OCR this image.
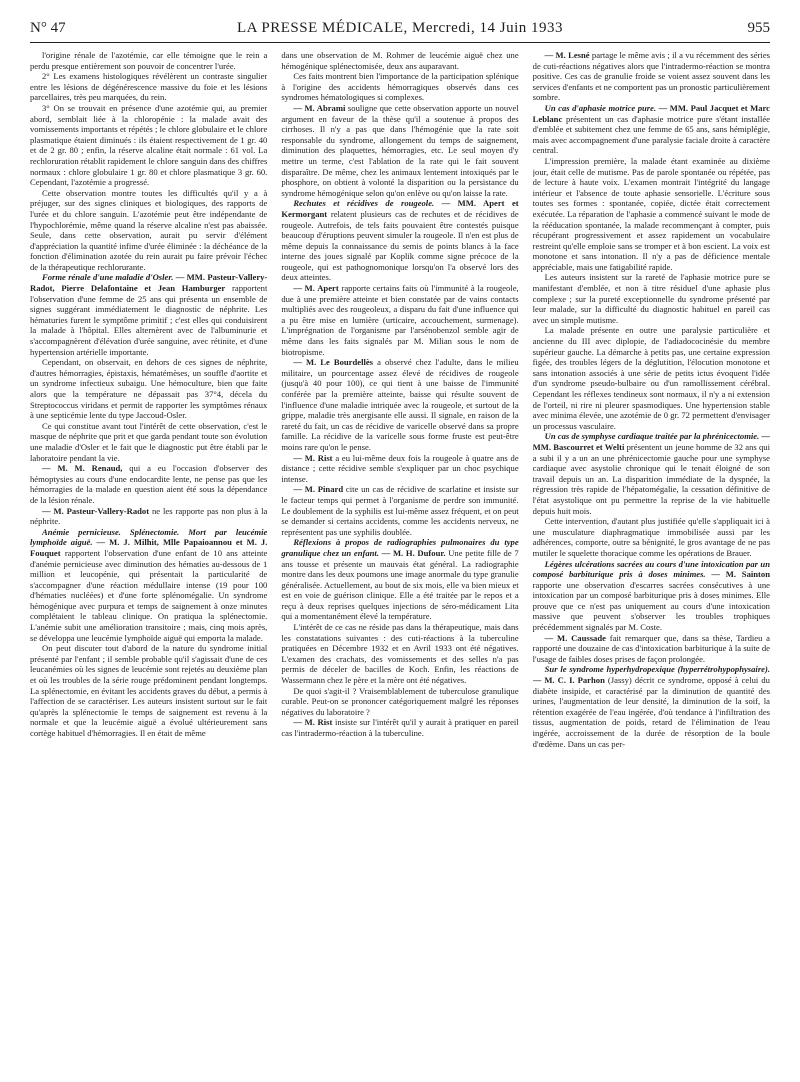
N° 47	LA PRESSE MÉDICALE, Mercredi, 14 Juin 1933	955

l'origine rénale de l'azotémie, car elle témoigne que le rein a perdu presque entièrement son pouvoir de concentrer l'urée.

2° Les examens histologiques révélèrent un contraste singulier entre les lésions de dégénérescence massive du foie et les lésions parcellaires, très peu marquées, du rein.

3° On se trouvait en présence d'une azotémie qui, au premier abord, semblait liée à la chloropénie : la malade avait des vomissements importants et répétés ; le chlore globulaire et le chlore plasmatique étaient diminués : ils étaient respectivement de 1 gr. 40 et de 2 gr. 80 ; enfin, la réserve alcaline était normale : 61 vol. La rechloruration rétablit rapidement le chlore sanguin dans des chiffres normaux : chlore globulaire 1 gr. 80 et chlore plasmatique 3 gr. 60. Cependant, l'azotémie a progressé.

Cette observation montre toutes les difficultés qu'il y a à préjuger, sur des signes cliniques et biologiques, des rapports de l'urée et du chlore sanguin. L'azotémie peut être indépendante de l'hypochlorémie, même quand la réserve alcaline n'est pas abaissée. Seule, dans cette observation, aurait pu servir d'élément d'appréciation la quantité infime d'urée éliminée : la déchéance de la fonction d'élimination azotée du rein aurait pu faire prévoir l'échec de la thérapeutique rechlorurante.

Forme rénale d'une maladie d'Osler. — MM. Pasteur-Vallery-Radot, Pierre Delafontaine et Jean Hamburger rapportent l'observation d'une femme de 25 ans qui présenta un ensemble de signes suggérant immédiatement le diagnostic de néphrite. Les hématuries furent le symptôme primitif ; c'est elles qui conduisirent la malade à l'hôpital. Elles alternèrent avec de l'albuminurie et s'accompagnèrent d'élévation d'urée sanguine, avec rétinite, et d'une hypertension artérielle importante.

Cependant, on observait, en dehors de ces signes de néphrite, d'autres hémorragies, épistaxis, hématémèses, un souffle d'aortite et un syndrome infectieux subaigu. Une hémoculture, bien que faite alors que la température ne dépassait pas 37°4, décela du Streptococcus viridans et permit de rapporter les symptômes rénaux à une septicémie lente du type Jaccoud-Osler.

Ce qui constitue avant tout l'intérêt de cette observation, c'est le masque de néphrite que prit et que garda pendant toute son évolution une maladie d'Osler et le fait que le diagnostic put être établi par le laboratoire pendant la vie.

— M. M. Renaud, qui a eu l'occasion d'observer des hémoptysies au cours d'une endocardite lente, ne pense pas que les hémorragies de la malade en question aient été sous la dépendance de la lésion rénale.

— M. Pasteur-Vallery-Radot ne les rapporte pas non plus à la néphrite.

Anémie pernicieuse. Splénectomie. Mort par leucémie lymphoïde aiguë. — M. J. Milhit, Mlle Papaioannou et M. J. Fouquet rapportent l'observation d'une enfant de 10 ans atteinte d'anémie pernicieuse avec diminution des hématies au-dessous de 1 million et leucopénie, qui présentait la particularité de s'accompagner d'une réaction médullaire intense (19 pour 100 d'hématies nucléées) et d'une forte splénomégalie. Un syndrome hémogénique avec purpura et temps de saignement à onze minutes complétaient le tableau clinique. On pratiqua la splénectomie. L'anémie subit une amélioration transitoire ; mais, cinq mois après, se développa une leucémie lymphoïde aiguë qui emporta la malade.

On peut discuter tout d'abord de la nature du syndrome initial présenté par l'enfant ; il semble probable qu'il s'agissait d'une de ces leucanémies où les signes de leucémie sont rejetés au deuxième plan et où les troubles de la série rouge prédominent pendant longtemps. La splénectomie, en évitant les accidents graves du début, a permis à l'affection de se caractériser. Les auteurs insistent surtout sur le fait qu'après la splénectomie le temps de saignement est revenu à la normale et que la leucémie aiguë a évolué ultérieurement sans cortège habituel d'hémorragies. Il en était de même

dans une observation de M. Rohmer de leucémie aiguë chez une hémogénique splénectomisée, deux ans auparavant.

Ces faits montrent bien l'importance de la participation splénique à l'origine des accidents hémorragiques observés dans ces syndromes hématologiques si complexes.

— M. Abrami souligne que cette observation apporte un nouvel argument en faveur de la thèse qu'il a soutenue à propos des cirrhoses. Il n'y a pas que dans l'hémogénie que la rate soit responsable du syndrome, allongement du temps de saignement, diminution des plaquettes, hémorragies, etc. Le seul moyen d'y mettre un terme, c'est l'ablation de la rate qui le fait souvent disparaître. De même, chez les animaux lentement intoxiqués par le phosphore, on obtient à volonté la disparition ou la persistance du syndrome hémogénique selon qu'on enlève ou qu'on laisse la rate.

Rechutes et récidives de rougeole. — MM. Apert et Kermorgant relatent plusieurs cas de rechutes et de récidives de rougeole. Autrefois, de tels faits pouvaient être contestés puisque beaucoup d'éruptions peuvent simuler la rougeole. Il n'en est plus de même depuis la connaissance du semis de points blancs à la face interne des joues signalé par Koplik comme signe précoce de la rougeole, qui est pathognomonique lorsqu'on l'a observé lors des deux atteintes.

— M. Apert rapporte certains faits où l'immunité à la rougeole, due à une première atteinte et bien constatée par de vains contacts multipliés avec des rougeoleux, a disparu du fait d'une influence qui a pu être mise en lumière (urticaire, accouchement, surmenage). L'imprégnation de l'organisme par l'arsénobenzol semble agir de même dans les faits signalés par M. Milian sous le nom de biotropisme.

— M. Le Bourdellès a observé chez l'adulte, dans le milieu militaire, un pourcentage assez élevé de récidives de rougeole (jusqu'à 40 pour 100), ce qui tient à une baisse de l'immunité conférée par la première atteinte, baisse qui résulte souvent de l'influence d'une maladie intriquée avec la rougeole, et surtout de la grippe, maladie très anergisante elle aussi. Il signale, en raison de la rareté du fait, un cas de récidive de varicelle observé dans sa propre famille. La récidive de la varicelle sous forme fruste est peut-être moins rare qu'on le pense.

— M. Rist a eu lui-même deux fois la rougeole à quatre ans de distance ; cette récidive semble s'expliquer par un choc psychique intense.

— M. Pinard cite un cas de récidive de scarlatine et insiste sur le facteur temps qui permet à l'organisme de perdre son immunité. Le doublement de la syphilis est lui-même assez fréquent, et on peut se demander si certains accidents, comme les accidents nerveux, ne représentent pas une syphilis doublée.

Réflexions à propos de radiographies pulmonaires du type granulique chez un enfant. — M. H. Dufour. Une petite fille de 7 ans tousse et présente un mauvais état général. La radiographie montre dans les deux poumons une image anormale du type granulie généralisée. Actuellement, au bout de six mois, elle va bien mieux et est en voie de guérison clinique. Elle a été traitée par le repos et a reçu à deux reprises quelques injections de séro-médicament Lita qui a momentanément élevé la température.

L'intérêt de ce cas ne réside pas dans la thérapeutique, mais dans les constatations suivantes : des cuti-réactions à la tuberculine pratiquées en Décembre 1932 et en Avril 1933 ont été négatives. L'examen des crachats, des vomissements et des selles n'a pas permis de déceler de bacilles de Koch. Enfin, les réactions de Wassermann chez le père et la mère ont été négatives.

De quoi s'agit-il ? Vraisemblablement de tuberculose granulique curable. Peut-on se prononcer catégoriquement malgré les réponses négatives du laboratoire ?

— M. Rist insiste sur l'intérêt qu'il y aurait à pratiquer en pareil cas l'intradermo-réaction à la tuberculine.

— M. Lesné partage le même avis ; il a vu récemment des séries de cuti-réactions négatives alors que l'intradermo-réaction se montra positive. Ces cas de granulie froide se voient assez souvent dans les services d'enfants et ne comportent pas un pronostic particulièrement sombre.

Un cas d'aphasie motrice pure. — MM. Paul Jacquet et Marc Leblanc présentent un cas d'aphasie motrice pure s'étant installée d'emblée et subitement chez une femme de 65 ans, sans hémiplégie, mais avec accompagnement d'une paralysie faciale droite à caractère central.

L'impression première, la malade étant examinée au dixième jour, était celle de mutisme. Pas de parole spontanée ou répétée, pas de lecture à haute voix. L'examen montrait l'intégrité du langage intérieur et l'absence de toute aphasie sensorielle. L'écriture sous toutes ses formes : spontanée, copiée, dictée était correctement exécutée. La réparation de l'aphasie a commencé suivant le mode de la rééducation spontanée, la malade recommençant à compter, puis récupérant progressivement et assez rapidement un vocabulaire restreint qu'elle emploie sans se tromper et à bon escient. La voix est monotone et sans intonation. Il n'y a pas de déficience mentale appréciable, mais une fatigabilité rapide.

Les auteurs insistent sur la rareté de l'aphasie motrice pure se manifestant d'emblée, et non à titre résiduel d'une aphasie plus complexe ; sur la pureté exceptionnelle du syndrome présenté par leur malade, sur la difficulté du diagnostic habituel en pareil cas avec un simple mutisme.

La malade présente en outre une paralysie particulière et ancienne du III avec diplopie, de l'adiadococinésie du membre supérieur gauche. La démarche à petits pas, une certaine expression figée, des troubles légers de la déglutition, l'élocution monotone et sans intonation associés à une série de petits ictus évoquent l'idée d'un syndrome pseudo-bulbaire ou d'un ramollissement cérébral. Cependant les réflexes tendineux sont normaux, il n'y a ni extension de l'orteil, ni rire ni pleurer spasmodiques. Une hypertension stable avec minima élevée, une azotémie de 0 gr. 72 permettent d'envisager un processus vasculaire.

Un cas de symphyse cardiaque traitée par la phrénicectomie. — MM. Bascourret et Welti présentent un jeune homme de 32 ans qui a subi il y a un an une phrénicectomie gauche pour une symphyse cardiaque avec asystolie chronique qui le tenait éloigné de son travail depuis un an. La disparition immédiate de la dyspnée, la régression très rapide de l'hépatomégalie, la cessation définitive de l'état asystolique ont pu permettre la reprise de la vie habituelle depuis huit mois.

Cette intervention, d'autant plus justifiée qu'elle s'appliquait ici à une musculature diaphragmatique immobilisée aussi par les adhérences, comporte, outre sa bénignité, le gros avantage de ne pas mutiler le squelette thoracique comme les opérations de Brauer.

Légères ulcérations sacrées au cours d'une intoxication par un composé barbiturique pris à doses minimes. — M. Sainton rapporte une observation d'escarres sacrées consécutives à une intoxication par un composé barbiturique pris à doses minimes. Elle prouve que ce n'est pas uniquement au cours d'une intoxication massive que peuvent s'observer les troubles trophiques précédemment signalés par M. Coste.

— M. Caussade fait remarquer que, dans sa thèse, Tardieu a rapporté une douzaine de cas d'intoxication barbiturique à la suite de l'usage de faibles doses prises de façon prolongée.

Sur le syndrome hyperhydropexique (hyperrétrohypophysaire). — M. C. I. Parhon (Jassy) décrit ce syndrome, opposé à celui du diabète insipide, et caractérisé par la diminution de quantité des urines, l'augmentation de leur densité, la diminution de la soif, la rétention exagérée de l'eau ingérée, d'où tendance à l'infiltration des tissus, augmentation de poids, retard de l'élimination de l'eau ingérée, accroissement de la durée de résorption de la boule d'œdème. Dans un cas per-
